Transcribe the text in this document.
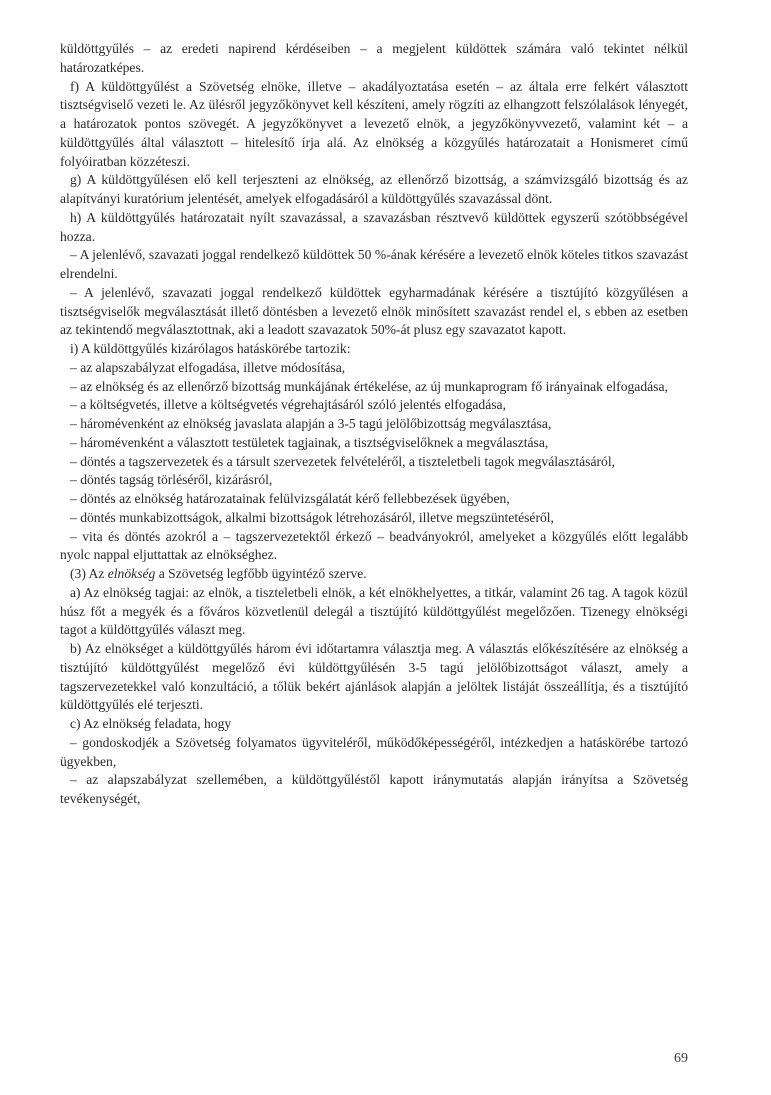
küldöttgyűlés – az eredeti napirend kérdéseiben – a megjelent küldöttek számára való tekintet nélkül határozatképes.

f) A küldöttgyűlést a Szövetség elnöke, illetve – akadályoztatása esetén – az általa erre felkért választott tisztségviselő vezeti le. Az ülésről jegyzőkönyvet kell készíteni, amely rögzíti az elhangzott felszólalások lényegét, a határozatok pontos szövegét. A jegyzőkönyvet a levezető elnök, a jegyzőkönyvvezető, valamint két – a küldöttgyűlés által választott – hitelesítő írja alá. Az elnökség a közgyűlés határozatait a Honismeret című folyóiratban közzéteszi.

g) A küldöttgyűlésen elő kell terjeszteni az elnökség, az ellenőrző bizottság, a számvizsgáló bizottság és az alapítványi kuratórium jelentését, amelyek elfogadásáról a küldöttgyűlés szavazással dönt.

h) A küldöttgyűlés határozatait nyílt szavazással, a szavazásban résztvevő küldöttek egyszerű szótöbbségével hozza.

– A jelenlévő, szavazati joggal rendelkező küldöttek 50 %-ának kérésére a levezető elnök köteles titkos szavazást elrendelni.

– A jelenlévő, szavazati joggal rendelkező küldöttek egyharmadának kérésére a tisztújító közgyűlésen a tisztségviselők megválasztását illető döntésben a levezető elnök minősített szavazást rendel el, s ebben az esetben az tekintendő megválasztottnak, aki a leadott szavazatok 50%-át plusz egy szavazatot kapott.

i) A küldöttgyűlés kizárólagos hatáskörébe tartozik:

– az alapszabályzat elfogadása, illetve módosítása,

– az elnökség és az ellenőrző bizottság munkájának értékelése, az új munkaprogram fő irányainak elfogadása,

– a költségvetés, illetve a költségvetés végrehajtásáról szóló jelentés elfogadása,

– háromévenként az elnökség javaslata alapján a 3-5 tagú jelölőbizottság megválasztása,

– háromévenként a választott testületek tagjainak, a tisztségviselőknek a megválasztása,

– döntés a tagszervezetek és a társult szervezetek felvételéről, a tiszteletbeli tagok megválasztásáról,

– döntés tagság törléséről, kizárásról,

– döntés az elnökség határozatainak felülvizsgálatát kérő fellebbezések ügyében,

– döntés munkabizottságok, alkalmi bizottságok létrehozásáról, illetve megszüntetéséről,

– vita és döntés azokról a – tagszervezetektől érkező – beadványokról, amelyeket a közgyűlés előtt legalább nyolc nappal eljuttattak az elnökséghez.

(3) Az elnökség a Szövetség legfőbb ügyintéző szerve.

a) Az elnökség tagjai: az elnök, a tiszteletbeli elnök, a két elnökhelyettes, a titkár, valamint 26 tag. A tagok közül húsz főt a megyék és a főváros közvetlenül delegál a tisztújító küldöttgyűlést megelőzően. Tizenegy elnökségi tagot a küldöttgyűlés választ meg.

b) Az elnökséget a küldöttgyűlés három évi időtartamra választja meg. A választás előkészítésére az elnökség a tisztújító küldöttgyűlést megelőző évi küldöttgyűlésén 3-5 tagú jelölőbizottságot választ, amely a tagszervezetekkel való konzultáció, a tőlük bekért ajánlások alapján a jelöltek listáját összeállítja, és a tisztújító küldöttgyűlés elé terjeszti.

c) Az elnökség feladata, hogy

– gondoskodjék a Szövetség folyamatos ügyviteléről, működőképességéről, intézkedjen a hatáskörébe tartozó ügyekben,

– az alapszabályzat szellemében, a küldöttgyűléstől kapott iránymutatás alapján irányítsa a Szövetség tevékenységét,

69
